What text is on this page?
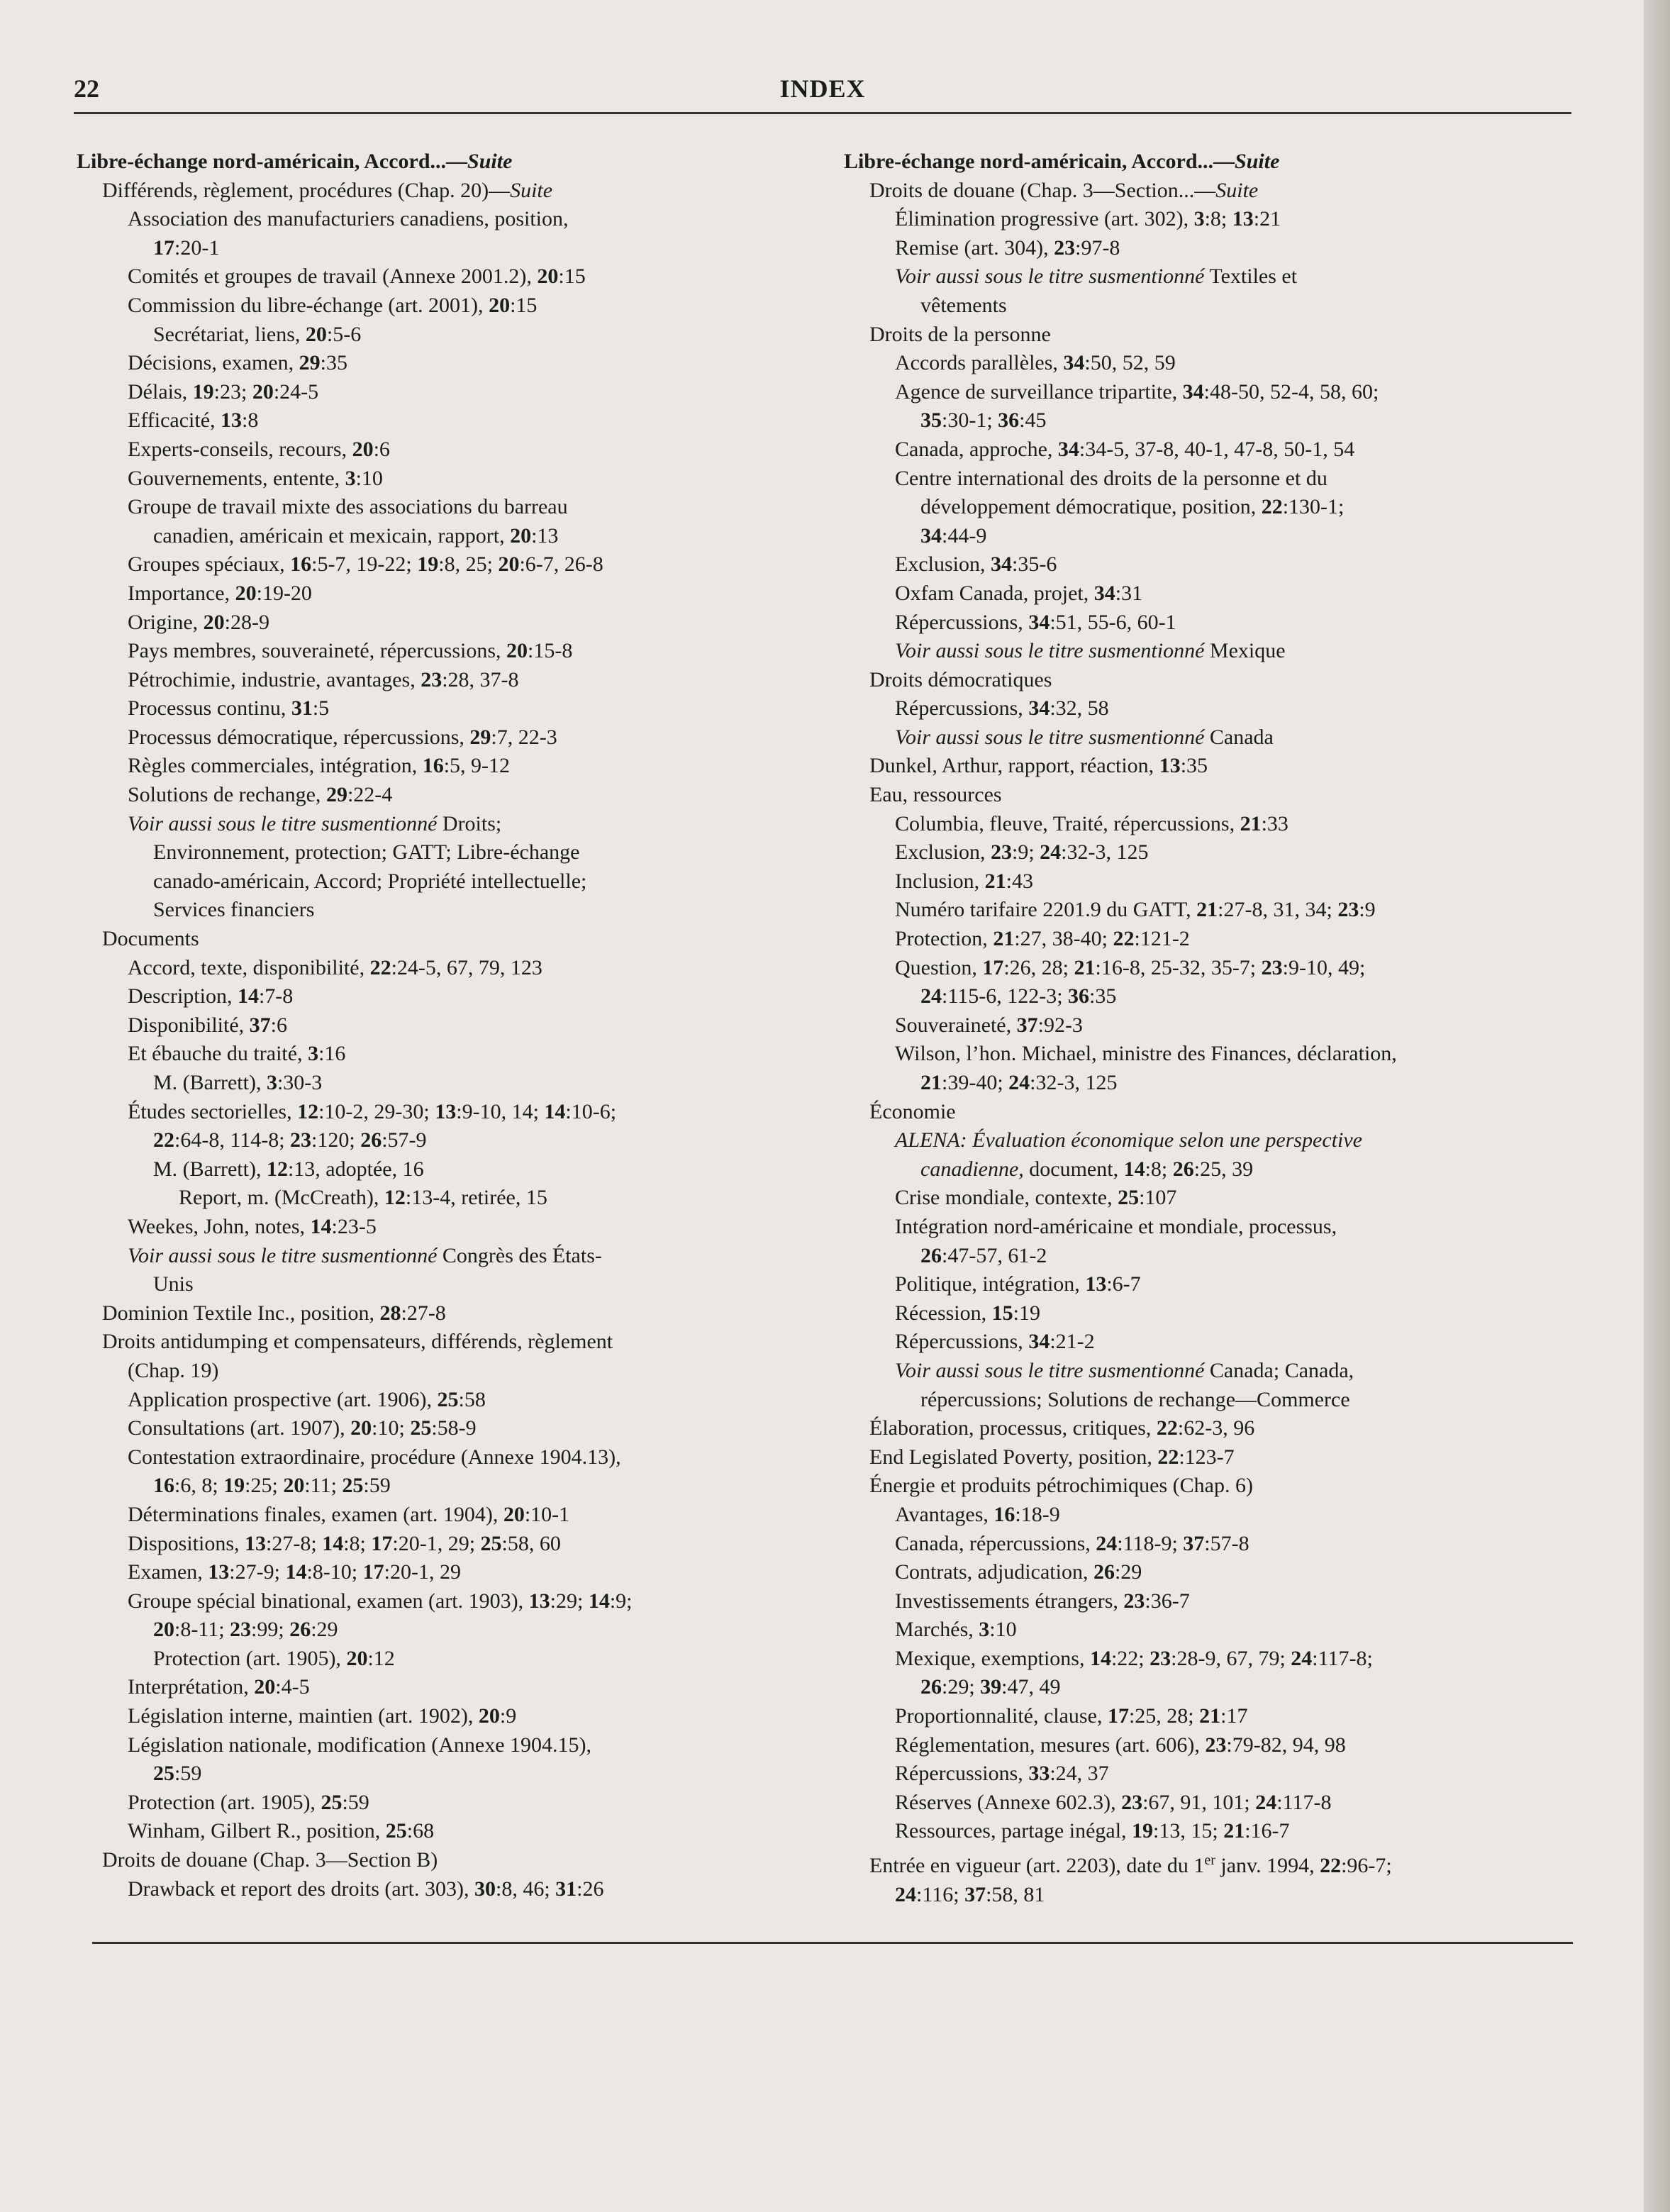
22	INDEX
Libre-échange nord-américain, Accord...—Suite
Différends, règlement, procédures (Chap. 20)—Suite
Association des manufacturiers canadiens, position,
17:20-1
Comités et groupes de travail (Annexe 2001.2), 20:15
Commission du libre-échange (art. 2001), 20:15
Secrétariat, liens, 20:5-6
Décisions, examen, 29:35
Délais, 19:23; 20:24-5
Efficacité, 13:8
Experts-conseils, recours, 20:6
Gouvernements, entente, 3:10
Groupe de travail mixte des associations du barreau
canadien, américain et mexicain, rapport, 20:13
Groupes spéciaux, 16:5-7, 19-22; 19:8, 25; 20:6-7, 26-8
Importance, 20:19-20
Origine, 20:28-9
Pays membres, souveraineté, répercussions, 20:15-8
Pétrochimie, industrie, avantages, 23:28, 37-8
Processus continu, 31:5
Processus démocratique, répercussions, 29:7, 22-3
Règles commerciales, intégration, 16:5, 9-12
Solutions de rechange, 29:22-4
Voir aussi sous le titre susmentionné Droits;
Environnement, protection; GATT; Libre-échange
canado-américain, Accord; Propriété intellectuelle;
Services financiers
Documents
Accord, texte, disponibilité, 22:24-5, 67, 79, 123
Description, 14:7-8
Disponibilité, 37:6
Et ébauche du traité, 3:16
M. (Barrett), 3:30-3
Études sectorielles, 12:10-2, 29-30; 13:9-10, 14; 14:10-6;
22:64-8, 114-8; 23:120; 26:57-9
M. (Barrett), 12:13, adoptée, 16
Report, m. (McCreath), 12:13-4, retirée, 15
Weekes, John, notes, 14:23-5
Voir aussi sous le titre susmentionné Congrès des États-
Unis
Dominion Textile Inc., position, 28:27-8
Droits antidumping et compensateurs, différends, règlement
(Chap. 19)
Application prospective (art. 1906), 25:58
Consultations (art. 1907), 20:10; 25:58-9
Contestation extraordinaire, procédure (Annexe 1904.13),
16:6, 8; 19:25; 20:11; 25:59
Déterminations finales, examen (art. 1904), 20:10-1
Dispositions, 13:27-8; 14:8; 17:20-1, 29; 25:58, 60
Examen, 13:27-9; 14:8-10; 17:20-1, 29
Groupe spécial binational, examen (art. 1903), 13:29; 14:9;
20:8-11; 23:99; 26:29
Protection (art. 1905), 20:12
Interprétation, 20:4-5
Législation interne, maintien (art. 1902), 20:9
Législation nationale, modification (Annexe 1904.15),
25:59
Protection (art. 1905), 25:59
Winham, Gilbert R., position, 25:68
Droits de douane (Chap. 3—Section B)
Drawback et report des droits (art. 303), 30:8, 46; 31:26
Libre-échange nord-américain, Accord...—Suite
Droits de douane (Chap. 3—Section...—Suite
Élimination progressive (art. 302), 3:8; 13:21
Remise (art. 304), 23:97-8
Voir aussi sous le titre susmentionné Textiles et
vêtements
Droits de la personne
Accords parallèles, 34:50, 52, 59
Agence de surveillance tripartite, 34:48-50, 52-4, 58, 60;
35:30-1; 36:45
Canada, approche, 34:34-5, 37-8, 40-1, 47-8, 50-1, 54
Centre international des droits de la personne et du
développement démocratique, position, 22:130-1;
34:44-9
Exclusion, 34:35-6
Oxfam Canada, projet, 34:31
Répercussions, 34:51, 55-6, 60-1
Voir aussi sous le titre susmentionné Mexique
Droits démocratiques
Répercussions, 34:32, 58
Voir aussi sous le titre susmentionné Canada
Dunkel, Arthur, rapport, réaction, 13:35
Eau, ressources
Columbia, fleuve, Traité, répercussions, 21:33
Exclusion, 23:9; 24:32-3, 125
Inclusion, 21:43
Numéro tarifaire 2201.9 du GATT, 21:27-8, 31, 34; 23:9
Protection, 21:27, 38-40; 22:121-2
Question, 17:26, 28; 21:16-8, 25-32, 35-7; 23:9-10, 49;
24:115-6, 122-3; 36:35
Souveraineté, 37:92-3
Wilson, l’hon. Michael, ministre des Finances, déclaration,
21:39-40; 24:32-3, 125
Économie
ALENA: Évaluation économique selon une perspective
canadienne, document, 14:8; 26:25, 39
Crise mondiale, contexte, 25:107
Intégration nord-américaine et mondiale, processus,
26:47-57, 61-2
Politique, intégration, 13:6-7
Récession, 15:19
Répercussions, 34:21-2
Voir aussi sous le titre susmentionné Canada; Canada,
répercussions; Solutions de rechange—Commerce
Élaboration, processus, critiques, 22:62-3, 96
End Legislated Poverty, position, 22:123-7
Énergie et produits pétrochimiques (Chap. 6)
Avantages, 16:18-9
Canada, répercussions, 24:118-9; 37:57-8
Contrats, adjudication, 26:29
Investissements étrangers, 23:36-7
Marchés, 3:10
Mexique, exemptions, 14:22; 23:28-9, 67, 79; 24:117-8;
26:29; 39:47, 49
Proportionnalité, clause, 17:25, 28; 21:17
Réglementation, mesures (art. 606), 23:79-82, 94, 98
Répercussions, 33:24, 37
Réserves (Annexe 602.3), 23:67, 91, 101; 24:117-8
Ressources, partage inégal, 19:13, 15; 21:16-7
Entrée en vigueur (art. 2203), date du 1er janv. 1994, 22:96-7;
24:116; 37:58, 81
